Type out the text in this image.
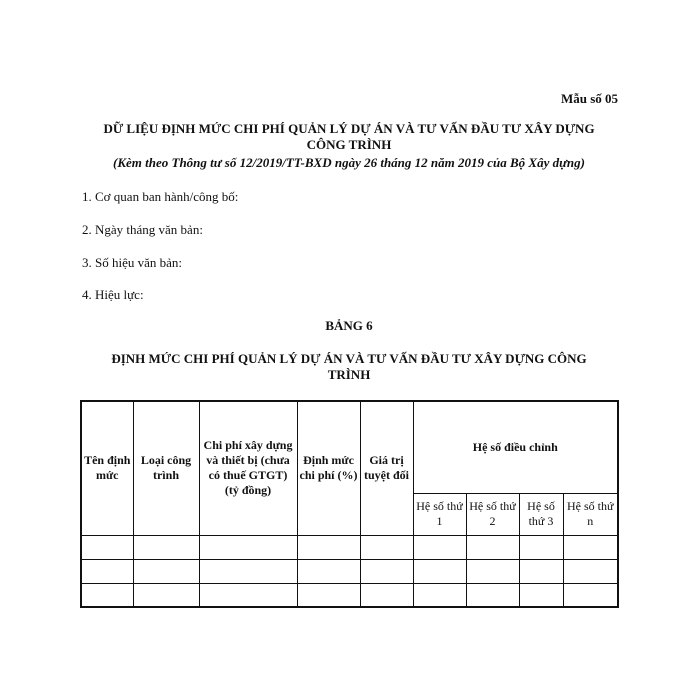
Mẫu số 05
DỮ LIỆU ĐỊNH MỨC CHI PHÍ QUẢN LÝ DỰ ÁN VÀ TƯ VẤN ĐẦU TƯ XÂY DỰNG
CÔNG TRÌNH
(Kèm theo Thông tư số 12/2019/TT-BXD ngày 26 tháng 12 năm 2019 của Bộ Xây dựng)
1. Cơ quan ban hành/công bố:
2. Ngày tháng văn bản:
3. Số hiệu văn bản:
4. Hiệu lực:
BẢNG 6
ĐỊNH MỨC CHI PHÍ QUẢN LÝ DỰ ÁN VÀ TƯ VẤN ĐẦU TƯ XÂY DỰNG CÔNG
TRÌNH
Tên định mức	Loại công trình	Chi phí xây dựng và thiết bị (chưa có thuế GTGT) (tỷ đồng)	Định mức chi phí (%)	Giá trị tuyệt đối	Hệ số điều chỉnh			
					Hệ số thứ 1	Hệ số thứ 2	Hệ số thứ 3	Hệ số thứ n
